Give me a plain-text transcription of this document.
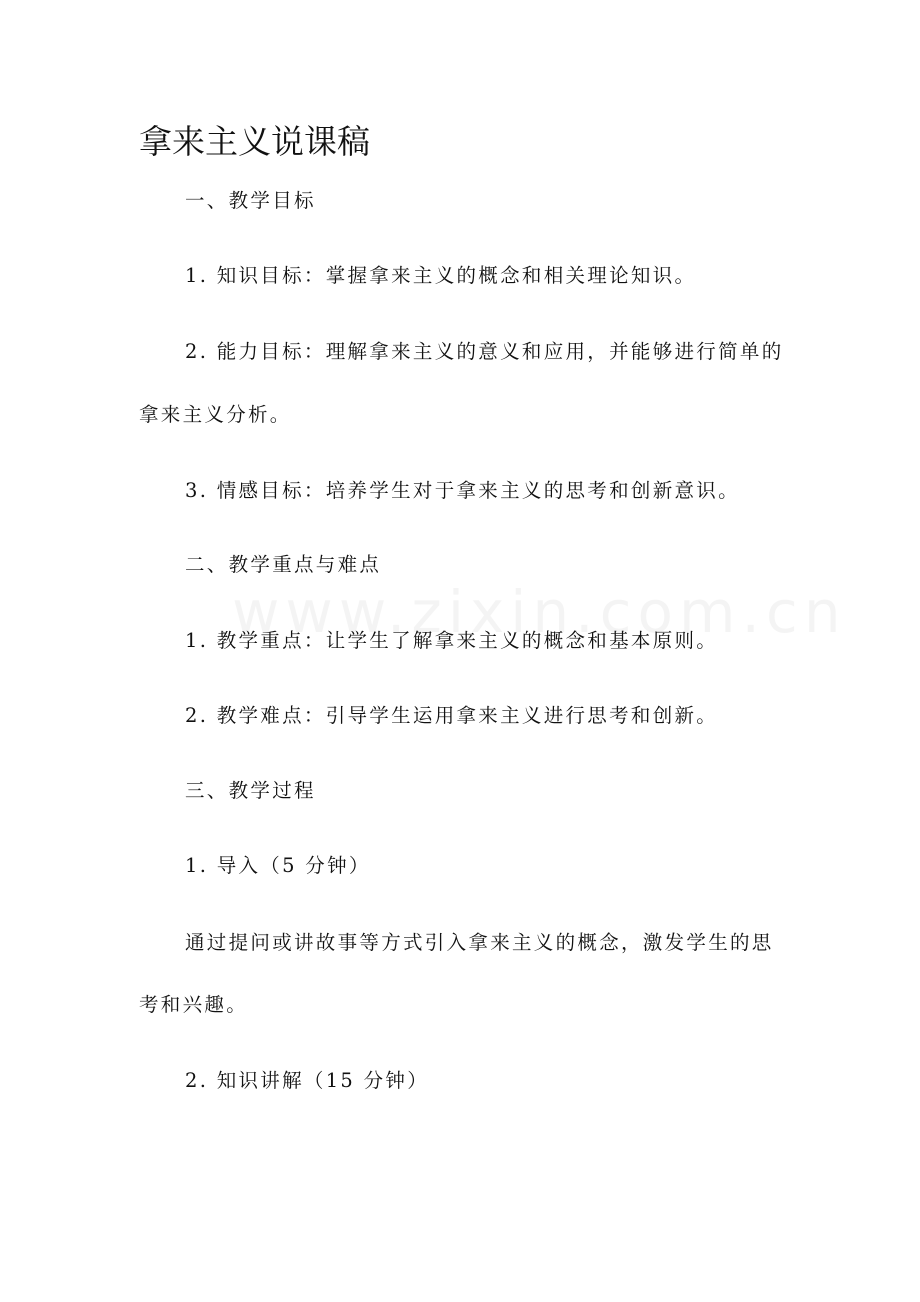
拿来主义说课稿
一、教学目标
1. 知识目标：掌握拿来主义的概念和相关理论知识。
2. 能力目标：理解拿来主义的意义和应用，并能够进行简单的
拿来主义分析。
3. 情感目标：培养学生对于拿来主义的思考和创新意识。
二、教学重点与难点
1. 教学重点：让学生了解拿来主义的概念和基本原则。
2. 教学难点：引导学生运用拿来主义进行思考和创新。
三、教学过程
1. 导入（5 分钟）
通过提问或讲故事等方式引入拿来主义的概念，激发学生的思
考和兴趣。
2. 知识讲解（15 分钟）
